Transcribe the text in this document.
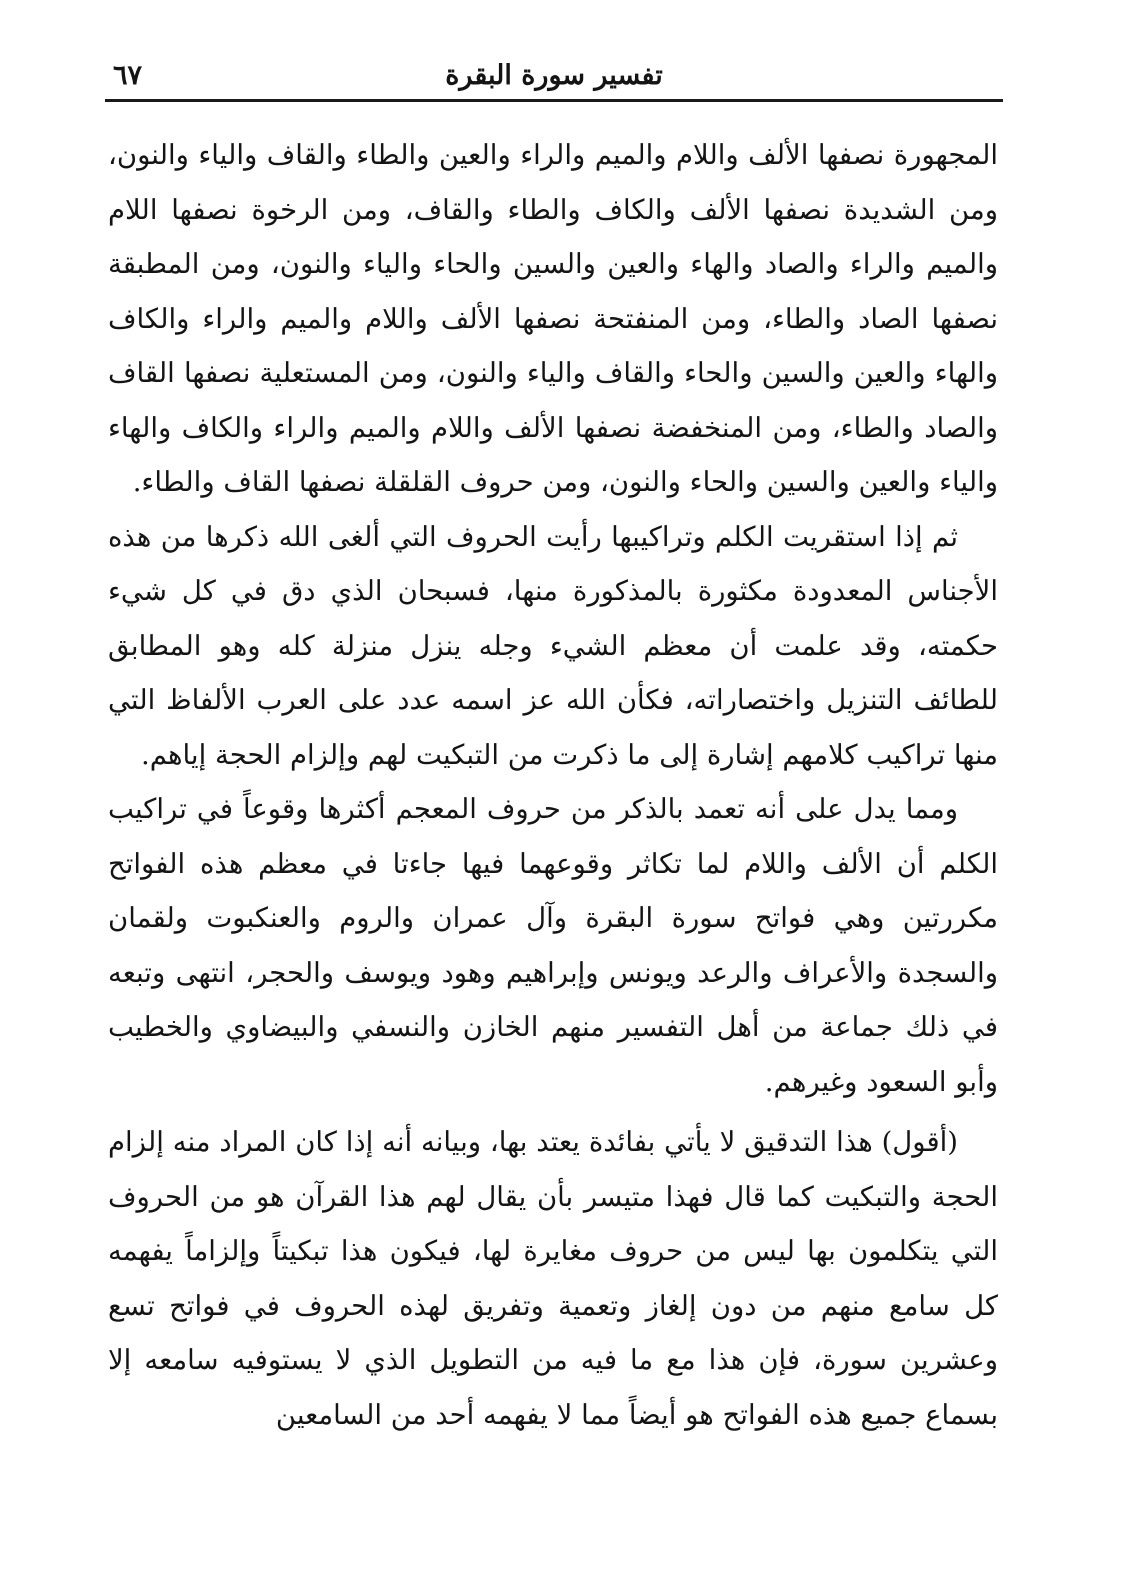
تفسير سورة البقرة
٦٧

المجهورة نصفها الألف واللام والميم والراء والعين والطاء والقاف والياء والنون، ومن الشديدة نصفها الألف والكاف والطاء والقاف، ومن الرخوة نصفها اللام والميم والراء والصاد والهاء والعين والسين والحاء والياء والنون، ومن المطبقة نصفها الصاد والطاء، ومن المنفتحة نصفها الألف واللام والميم والراء والكاف والهاء والعين والسين والحاء والقاف والياء والنون، ومن المستعلية نصفها القاف والصاد والطاء، ومن المنخفضة نصفها الألف واللام والميم والراء والكاف والهاء والياء والعين والسين والحاء والنون، ومن حروف القلقلة نصفها القاف والطاء.

ثم إذا استقريت الكلم وتراكيبها رأيت الحروف التي ألغى الله ذكرها من هذه الأجناس المعدودة مكثورة بالمذكورة منها، فسبحان الذي دق في كل شيء حكمته، وقد علمت أن معظم الشيء وجله ينزل منزلة كله وهو المطابق للطائف التنزيل واختصاراته، فكأن الله عز اسمه عدد على العرب الألفاظ التي منها تراكيب كلامهم إشارة إلى ما ذكرت من التبكيت لهم وإلزام الحجة إياهم.

ومما يدل على أنه تعمد بالذكر من حروف المعجم أكثرها وقوعاً في تراكيب الكلم أن الألف واللام لما تكاثر وقوعهما فيها جاءتا في معظم هذه الفواتح مكررتين وهي فواتح سورة البقرة وآل عمران والروم والعنكبوت ولقمان والسجدة والأعراف والرعد ويونس وإبراهيم وهود ويوسف والحجر، انتهى وتبعه في ذلك جماعة من أهل التفسير منهم الخازن والنسفي والبيضاوي والخطيب وأبو السعود وغيرهم.

(أقول) هذا التدقيق لا يأتي بفائدة يعتد بها، وبيانه أنه إذا كان المراد منه إلزام الحجة والتبكيت كما قال فهذا متيسر بأن يقال لهم هذا القرآن هو من الحروف التي يتكلمون بها ليس من حروف مغايرة لها، فيكون هذا تبكيتاً وإلزاماً يفهمه كل سامع منهم من دون إلغاز وتعمية وتفريق لهذه الحروف في فواتح تسع وعشرين سورة، فإن هذا مع ما فيه من التطويل الذي لا يستوفيه سامعه إلا بسماع جميع هذه الفواتح هو أيضاً مما لا يفهمه أحد من السامعين
